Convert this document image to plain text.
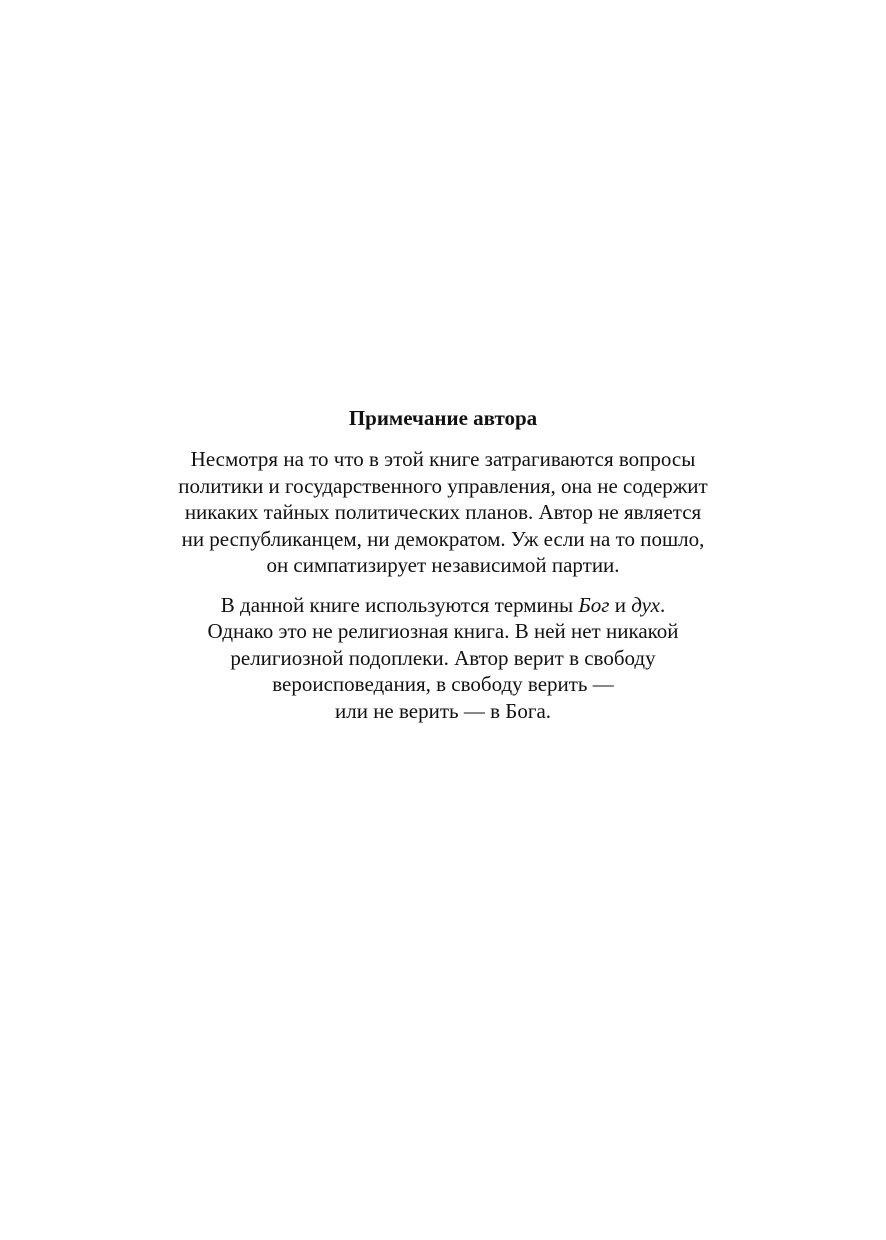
Примечание автора
Несмотря на то что в этой книге затрагиваются вопросы
политики и государственного управления, она не содержит
никаких тайных политических планов. Автор не является
ни республиканцем, ни демократом. Уж если на то пошло,
он симпатизирует независимой партии.
В данной книге используются термины Бог и дух.
Однако это не религиозная книга. В ней нет никакой
религиозной подоплеки. Автор верит в свободу
вероисповедания, в свободу верить —
или не верить — в Бога.
